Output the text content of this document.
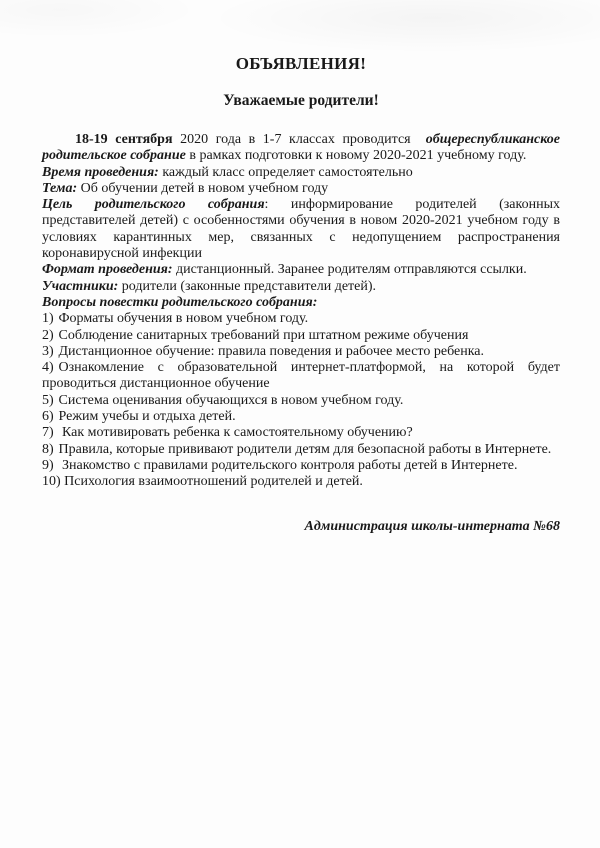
ОБЪЯВЛЕНИЯ!
Уважаемые родители!

18-19 сентября 2020 года в 1-7 классах проводится  общереспубликанское родительское собрание в рамках подготовки к новому 2020-2021 учебному году.

Время проведения: каждый класс определяет самостоятельно

Тема: Об обучении детей в новом учебном году

Цель родительского собрания: информирование родителей (законных представителей детей) с особенностями обучения в новом 2020-2021 учебном году в условиях карантинных мер, связанных с недопущением распространения коронавирусной инфекции

Формат проведения: дистанционный. Заранее родителям отправляются ссылки.

Участники: родители (законные представители детей).

Вопросы повестки родительского собрания:

1) Форматы обучения в новом учебном году.

2) Соблюдение санитарных требований при штатном режиме обучения

3) Дистанционное обучение: правила поведения и рабочее место ребенка.

4) Ознакомление с образовательной интернет-платформой, на которой будет проводиться дистанционное обучение

5) Система оценивания обучающихся в новом учебном году.

6) Режим учебы и отдыха детей.

7) Как мотивировать ребенка к самостоятельному обучению?

8) Правила, которые прививают родители детям для безопасной работы в Интернете.

9) Знакомство с правилами родительского контроля работы детей в Интернете.

10) Психология взаимоотношений родителей и детей.

Администрация школы-интерната №68
